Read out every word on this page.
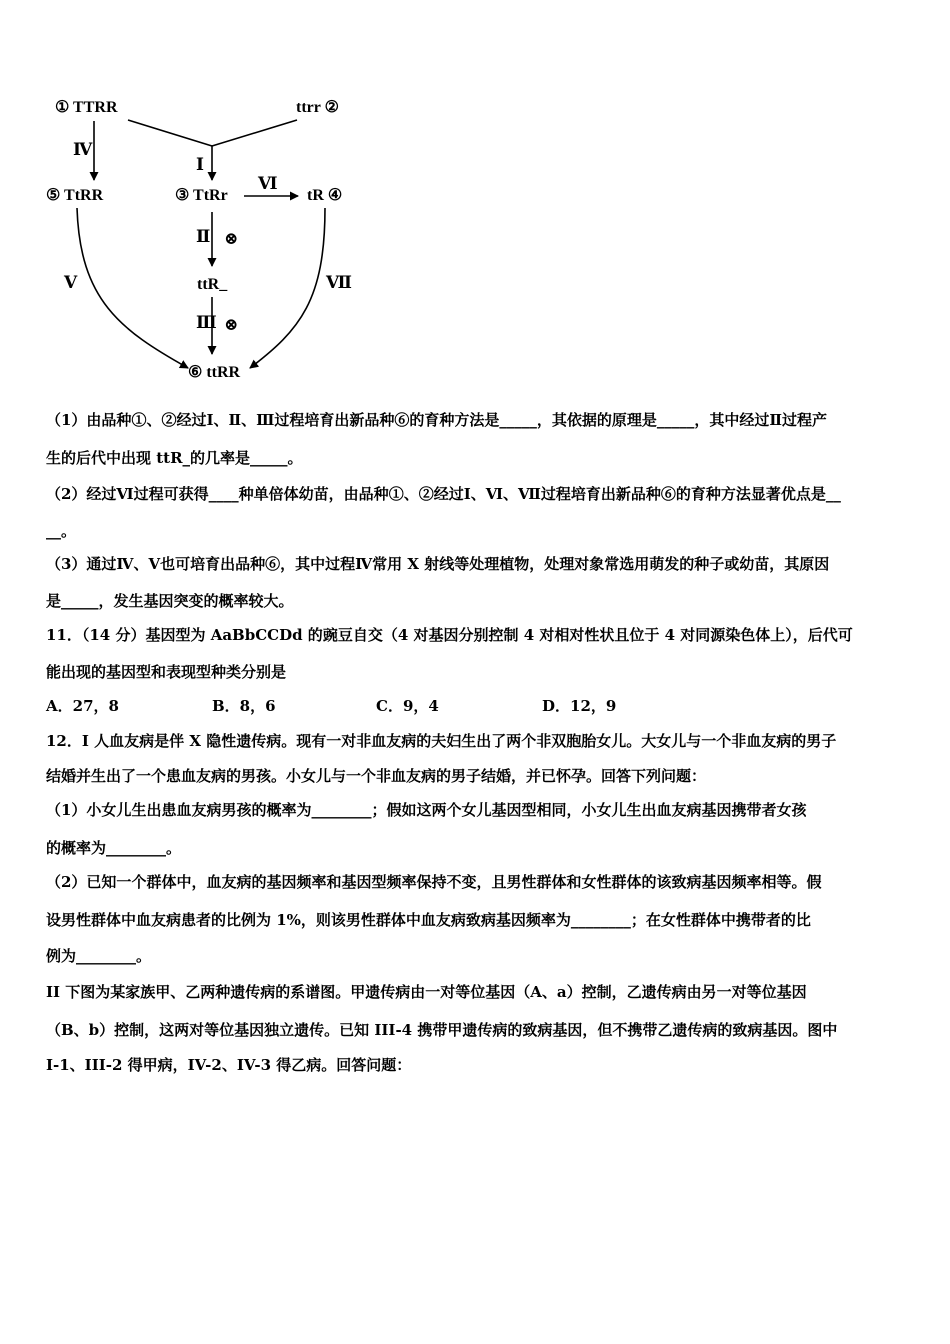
① TTRR	ttrr ②
③ TtRr	tR ④
⑤ TtRR
⑥ ttRR
ttR_
Ⅰ
Ⅳ
Ⅵ
Ⅱ ⊗
Ⅲ ⊗
Ⅴ	Ⅶ
（1）由品种①、②经过Ⅰ、Ⅱ、Ⅲ过程培育出新品种⑥的育种方法是_____，其依据的原理是_____，其中经过Ⅱ过程产
生的后代中出现 ttR_的几率是_____。
（2）经过Ⅵ过程可获得____种单倍体幼苗，由品种①、②经过Ⅰ、Ⅵ、Ⅶ过程培育出新品种⑥的育种方法显著优点是__
__。
（3）通过Ⅳ、Ⅴ也可培育出品种⑥，其中过程Ⅳ常用 X 射线等处理植物，处理对象常选用萌发的种子或幼苗，其原因
是_____，发生基因突变的概率较大。
11．（14 分）基因型为 AaBbCCDd 的豌豆自交（4 对基因分别控制 4 对相对性状且位于 4 对同源染色体上），后代可
能出现的基因型和表现型种类分别是
A．27，8	B．8，6	C．9，4	D．12，9
12．I 人血友病是伴 X 隐性遗传病。现有一对非血友病的夫妇生出了两个非双胞胎女儿。大女儿与一个非血友病的男子
结婚并生出了一个患血友病的男孩。小女儿与一个非血友病的男子结婚，并已怀孕。回答下列问题：
（1）小女儿生出患血友病男孩的概率为________；假如这两个女儿基因型相同，小女儿生出血友病基因携带者女孩
的概率为________。
（2）已知一个群体中，血友病的基因频率和基因型频率保持不变，且男性群体和女性群体的该致病基因频率相等。假
设男性群体中血友病患者的比例为 1%，则该男性群体中血友病致病基因频率为________；在女性群体中携带者的比
例为________。
II 下图为某家族甲、乙两种遗传病的系谱图。甲遗传病由一对等位基因（A、a）控制，乙遗传病由另一对等位基因
（B、b）控制，这两对等位基因独立遗传。已知 III-4 携带甲遗传病的致病基因，但不携带乙遗传病的致病基因。图中
I-1、III-2 得甲病，IV-2、IV-3 得乙病。回答问题：
